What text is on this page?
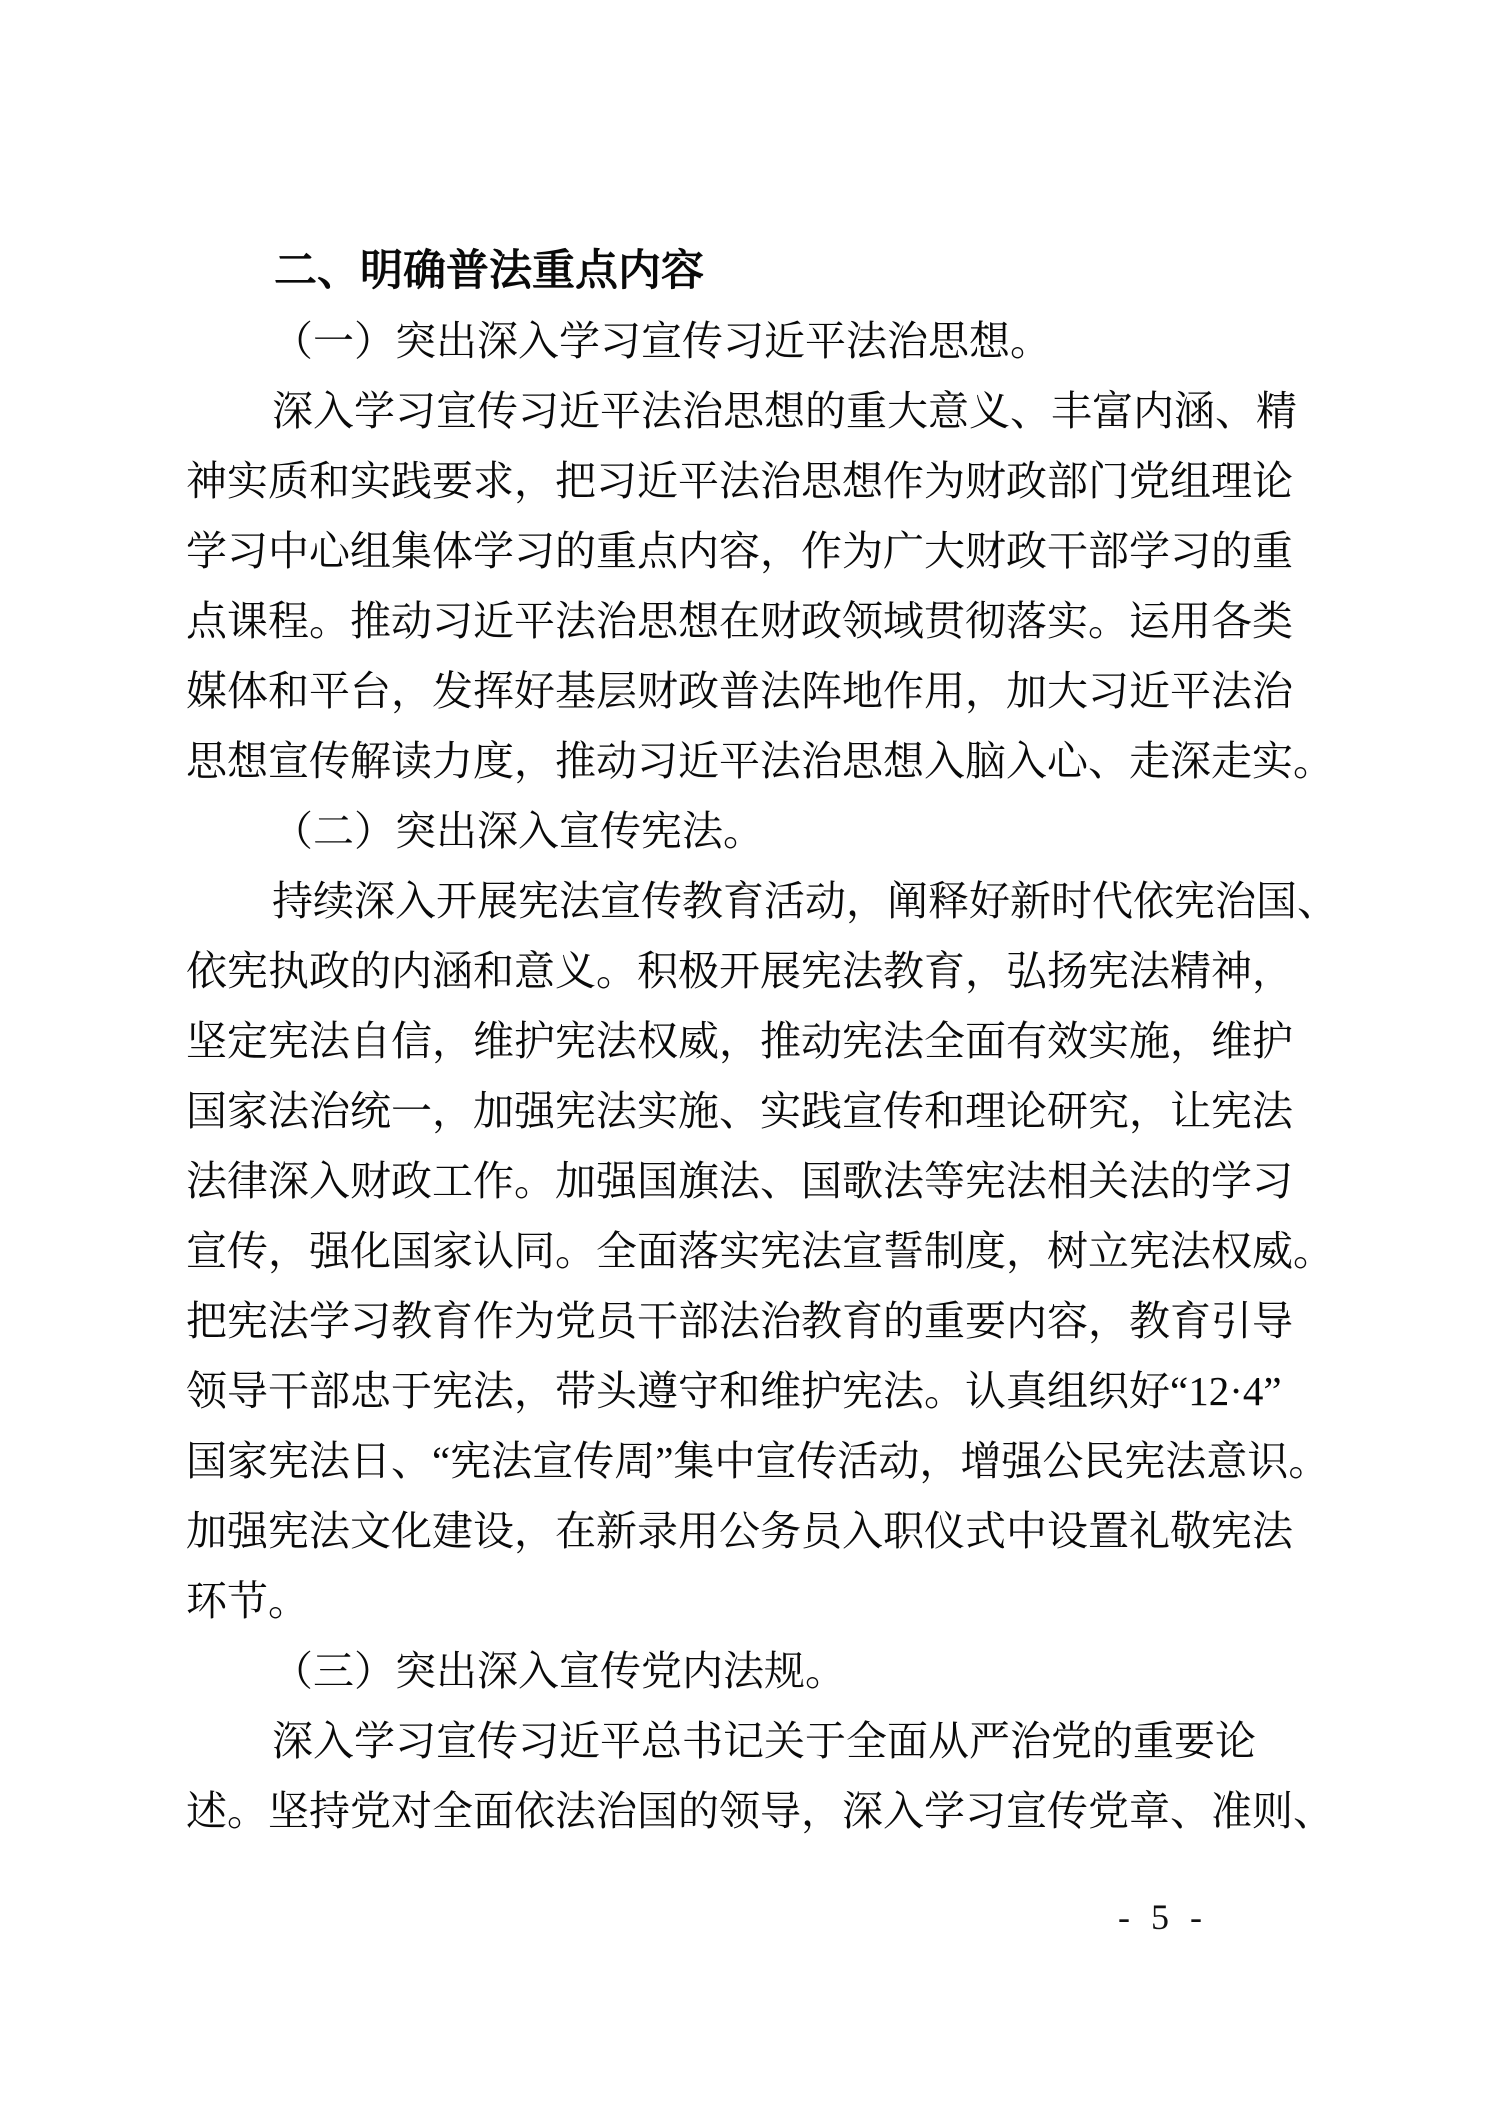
二、明确普法重点内容
（一）突出深入学习宣传习近平法治思想。
深入学习宣传习近平法治思想的重大意义、丰富内涵、精
神实质和实践要求，把习近平法治思想作为财政部门党组理论
学习中心组集体学习的重点内容，作为广大财政干部学习的重
点课程。推动习近平法治思想在财政领域贯彻落实。运用各类
媒体和平台，发挥好基层财政普法阵地作用，加大习近平法治
思想宣传解读力度，推动习近平法治思想入脑入心、走深走实。
（二）突出深入宣传宪法。
持续深入开展宪法宣传教育活动，阐释好新时代依宪治国、
依宪执政的内涵和意义。积极开展宪法教育，弘扬宪法精神，
坚定宪法自信，维护宪法权威，推动宪法全面有效实施，维护
国家法治统一，加强宪法实施、实践宣传和理论研究，让宪法
法律深入财政工作。加强国旗法、国歌法等宪法相关法的学习
宣传，强化国家认同。全面落实宪法宣誓制度，树立宪法权威。
把宪法学习教育作为党员干部法治教育的重要内容，教育引导
领导干部忠于宪法，带头遵守和维护宪法。认真组织好“12·4”
国家宪法日、“宪法宣传周”集中宣传活动，增强公民宪法意识。
加强宪法文化建设，在新录用公务员入职仪式中设置礼敬宪法
环节。
（三）突出深入宣传党内法规。
深入学习宣传习近平总书记关于全面从严治党的重要论
述。坚持党对全面依法治国的领导，深入学习宣传党章、准则、
- 5 -
